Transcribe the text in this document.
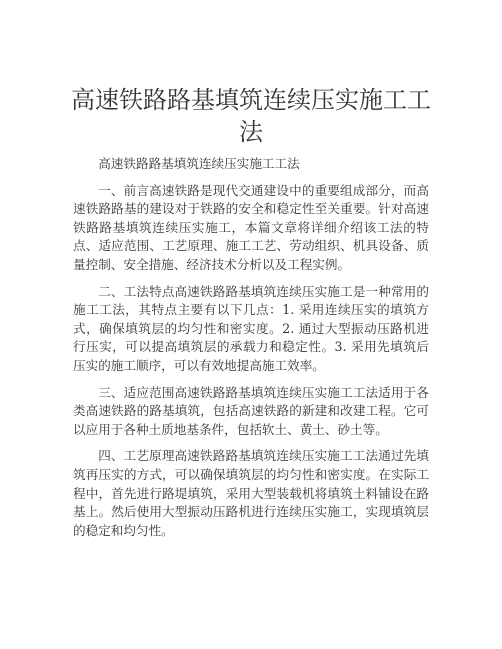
高速铁路路基填筑连续压实施工工法

高速铁路路基填筑连续压实施工工法

一、前言高速铁路是现代交通建设中的重要组成部分，而高速铁路路基的建设对于铁路的安全和稳定性至关重要。针对高速铁路路基填筑连续压实施工，本篇文章将详细介绍该工法的特点、适应范围、工艺原理、施工工艺、劳动组织、机具设备、质量控制、安全措施、经济技术分析以及工程实例。

二、工法特点高速铁路路基填筑连续压实施工是一种常用的施工工法，其特点主要有以下几点：1. 采用连续压实的填筑方式，确保填筑层的均匀性和密实度。2. 通过大型振动压路机进行压实，可以提高填筑层的承载力和稳定性。3. 采用先填筑后压实的施工顺序，可以有效地提高施工效率。

三、适应范围高速铁路路基填筑连续压实施工工法适用于各类高速铁路的路基填筑，包括高速铁路的新建和改建工程。它可以应用于各种土质地基条件，包括软土、黄土、砂土等。

四、工艺原理高速铁路路基填筑连续压实施工工法通过先填筑再压实的方式，可以确保填筑层的均匀性和密实度。在实际工程中，首先进行路堤填筑，采用大型装载机将填筑土料铺设在路基上。然后使用大型振动压路机进行连续压实施工，实现填筑层的稳定和均匀性。
